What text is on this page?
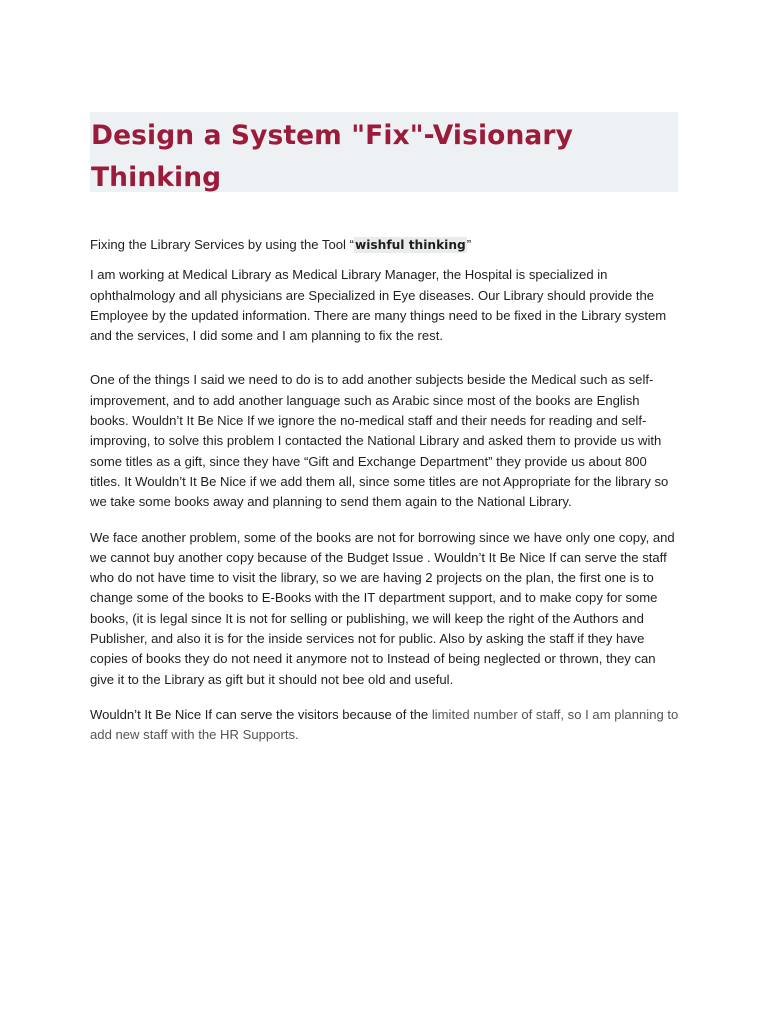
Design a System "Fix"-Visionary Thinking

Fixing the Library Services by using the Tool “wishful thinking”

I am working at Medical Library as Medical Library Manager, the Hospital is specialized in ophthalmology and all physicians are Specialized in Eye diseases. Our Library should provide the Employee by the updated information. There are many things need to be fixed in the Library system and the services, I did some and I am planning to fix the rest.

One of the things I said we need to do is to add another subjects beside the Medical such as self-improvement, and to add another language such as Arabic since most of the books are English books. Wouldn’t It Be Nice If we ignore the no-medical staff and their needs for reading and self-improving, to solve this problem I contacted the National Library and asked them to provide us with some titles as a gift, since they have “Gift and Exchange Department” they provide us about 800 titles. It Wouldn’t It Be Nice if we add them all, since some titles are not Appropriate for the library so we take some books away and planning to send them again to the National Library.

We face another problem, some of the books are not for borrowing since we have only one copy, and we cannot buy another copy because of the Budget Issue . Wouldn’t It Be Nice If can serve the staff who do not have time to visit the library, so we are having 2 projects on the plan, the first one is to change some of the books to E-Books with the IT department support, and to make copy for some books, (it is legal since It is not for selling or publishing, we will keep the right of the Authors and Publisher, and also it is for the inside services not for public. Also by asking the staff if they have copies of books they do not need it anymore not to Instead of being neglected or thrown, they can give it to the Library as gift but it should not bee old and useful.

Wouldn’t It Be Nice If can serve the visitors because of the limited number of staff, so I am planning to add new staff with the HR Supports.
